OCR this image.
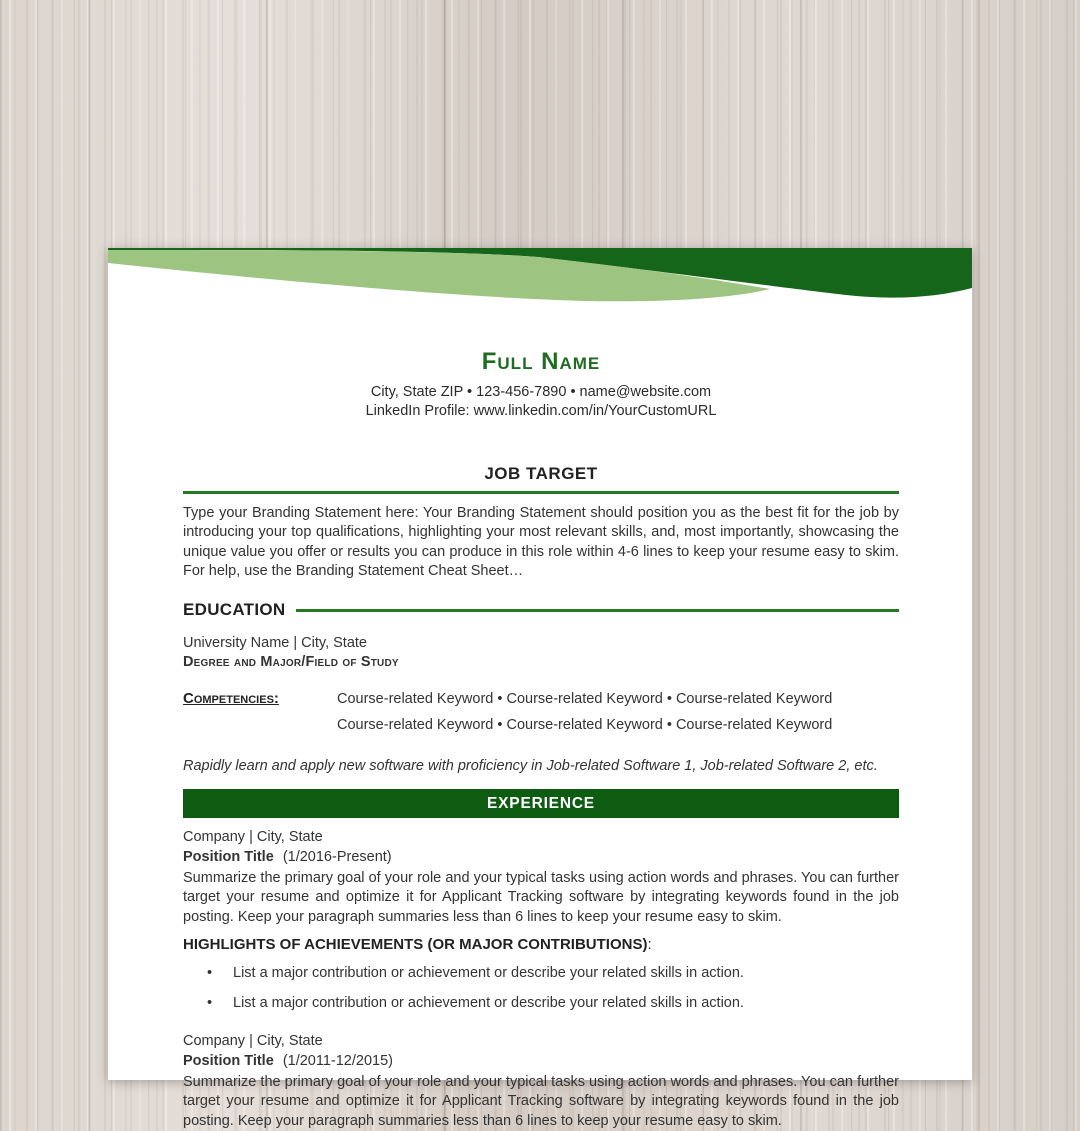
Full Name
City, State ZIP • 123-456-7890 • name@website.com
LinkedIn Profile: www.linkedin.com/in/YourCustomURL
JOB TARGET

Type your Branding Statement here: Your Branding Statement should position you as the best fit for the job by introducing your top qualifications, highlighting your most relevant skills, and, most importantly, showcasing the unique value you offer or results you can produce in this role within 4-6 lines to keep your resume easy to skim. For help, use the Branding Statement Cheat Sheet…

EDUCATION
University Name | City, State
Degree and Major/Field of Study
Competencies:	Course-related Keyword • Course-related Keyword • Course-related Keyword
Course-related Keyword • Course-related Keyword • Course-related Keyword
Rapidly learn and apply new software with proficiency in Job-related Software 1, Job-related Software 2, etc.
EXPERIENCE
Company | City, State
Position Title (1/2016-Present)

Summarize the primary goal of your role and your typical tasks using action words and phrases. You can further target your resume and optimize it for Applicant Tracking software by integrating keywords found in the job posting. Keep your paragraph summaries less than 6 lines to keep your resume easy to skim.

HIGHLIGHTS OF ACHIEVEMENTS (OR MAJOR CONTRIBUTIONS):
•	List a major contribution or achievement or describe your related skills in action.
•	List a major contribution or achievement or describe your related skills in action.
Company | City, State
Position Title (1/2011-12/2015)

Summarize the primary goal of your role and your typical tasks using action words and phrases. You can further target your resume and optimize it for Applicant Tracking software by integrating keywords found in the job posting. Keep your paragraph summaries less than 6 lines to keep your resume easy to skim.
